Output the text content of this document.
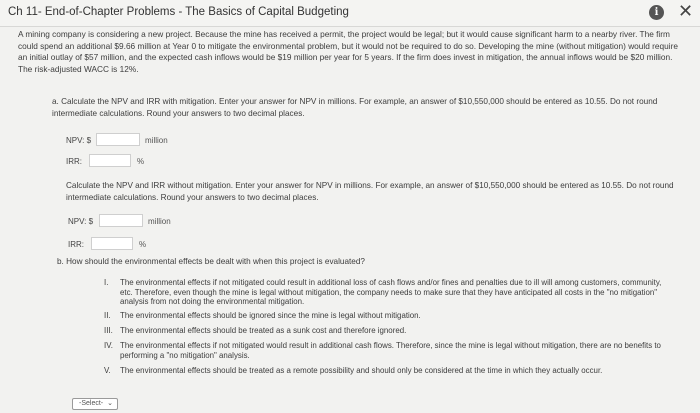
Ch 11- End-of-Chapter Problems - The Basics of Capital Budgeting	i	✕
A mining company is considering a new project. Because the mine has received a permit, the project would be legal; but it would cause significant harm to a nearby river. The firm could spend an additional $9.66 million at Year 0 to mitigate the environmental problem, but it would not be required to do so. Developing the mine (without mitigation) would require an initial outlay of $57 million, and the expected cash inflows would be $19 million per year for 5 years. If the firm does invest in mitigation, the annual inflows would be $20 million. The risk-adjusted WACC is 12%.
a. Calculate the NPV and IRR with mitigation. Enter your answer for NPV in millions. For example, an answer of $10,550,000 should be entered as 10.55. Do not round intermediate calculations. Round your answers to two decimal places.
NPV: $	million
IRR:	%
Calculate the NPV and IRR without mitigation. Enter your answer for NPV in millions. For example, an answer of $10,550,000 should be entered as 10.55. Do not round intermediate calculations. Round your answers to two decimal places.
NPV: $	million
IRR:	%
b. How should the environmental effects be dealt with when this project is evaluated?
I. The environmental effects if not mitigated could result in additional loss of cash flows and/or fines and penalties due to ill will among customers, community, etc. Therefore, even though the mine is legal without mitigation, the company needs to make sure that they have anticipated all costs in the "no mitigation" analysis from not doing the environmental mitigation.
II. The environmental effects should be ignored since the mine is legal without mitigation.
III. The environmental effects should be treated as a sunk cost and therefore ignored.
IV. The environmental effects if not mitigated would result in additional cash flows. Therefore, since the mine is legal without mitigation, there are no benefits to performing a "no mitigation" analysis.
V. The environmental effects should be treated as a remote possibility and should only be considered at the time in which they actually occur.
-Select- ⌄
